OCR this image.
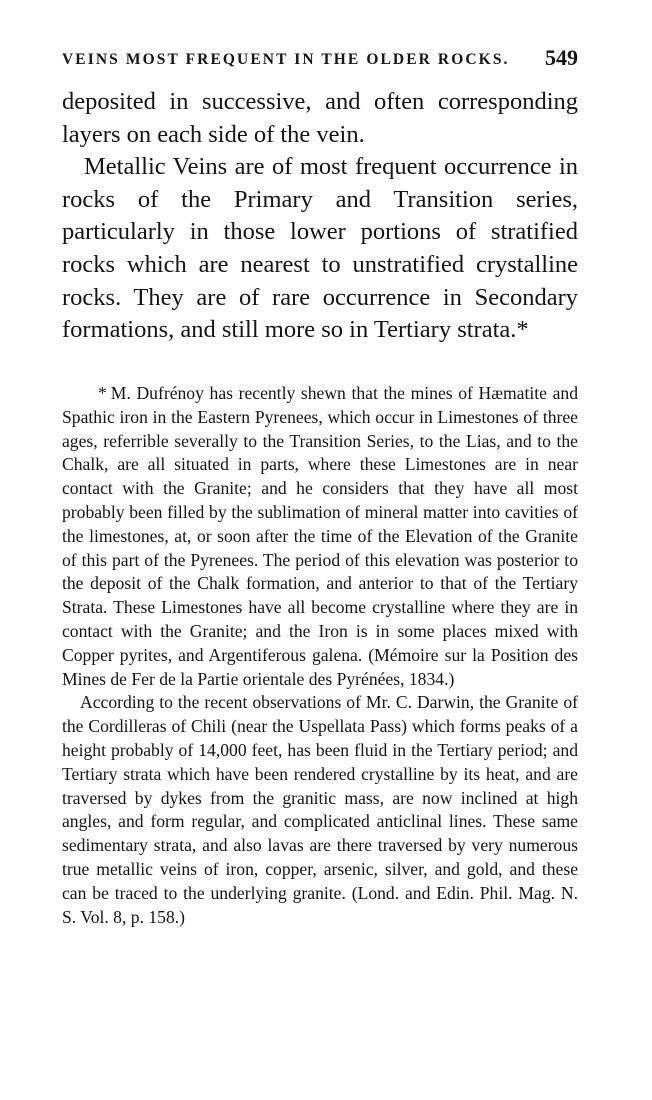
VEINS MOST FREQUENT IN THE OLDER ROCKS. 549

deposited in successive, and often corresponding layers on each side of the vein.

Metallic Veins are of most frequent occurrence in rocks of the Primary and Transition series, particularly in those lower portions of stratified rocks which are nearest to unstratified crystalline rocks. They are of rare occurrence in Secondary formations, and still more so in Tertiary strata.*

* M. Dufrénoy has recently shewn that the mines of Hæmatite and Spathic iron in the Eastern Pyrenees, which occur in Limestones of three ages, referrible severally to the Transition Series, to the Lias, and to the Chalk, are all situated in parts, where these Limestones are in near contact with the Granite; and he considers that they have all most probably been filled by the sublimation of mineral matter into cavities of the limestones, at, or soon after the time of the Elevation of the Granite of this part of the Pyrenees. The period of this elevation was posterior to the deposit of the Chalk formation, and anterior to that of the Tertiary Strata. These Limestones have all become crystalline where they are in contact with the Granite; and the Iron is in some places mixed with Copper pyrites, and Argentiferous galena. (Mémoire sur la Position des Mines de Fer de la Partie orientale des Pyrénées, 1834.)

According to the recent observations of Mr. C. Darwin, the Granite of the Cordilleras of Chili (near the Uspellata Pass) which forms peaks of a height probably of 14,000 feet, has been fluid in the Tertiary period; and Tertiary strata which have been rendered crystalline by its heat, and are traversed by dykes from the granitic mass, are now inclined at high angles, and form regular, and complicated anticlinal lines. These same sedimentary strata, and also lavas are there traversed by very numerous true metallic veins of iron, copper, arsenic, silver, and gold, and these can be traced to the underlying granite. (Lond. and Edin. Phil. Mag. N. S. Vol. 8, p. 158.)
